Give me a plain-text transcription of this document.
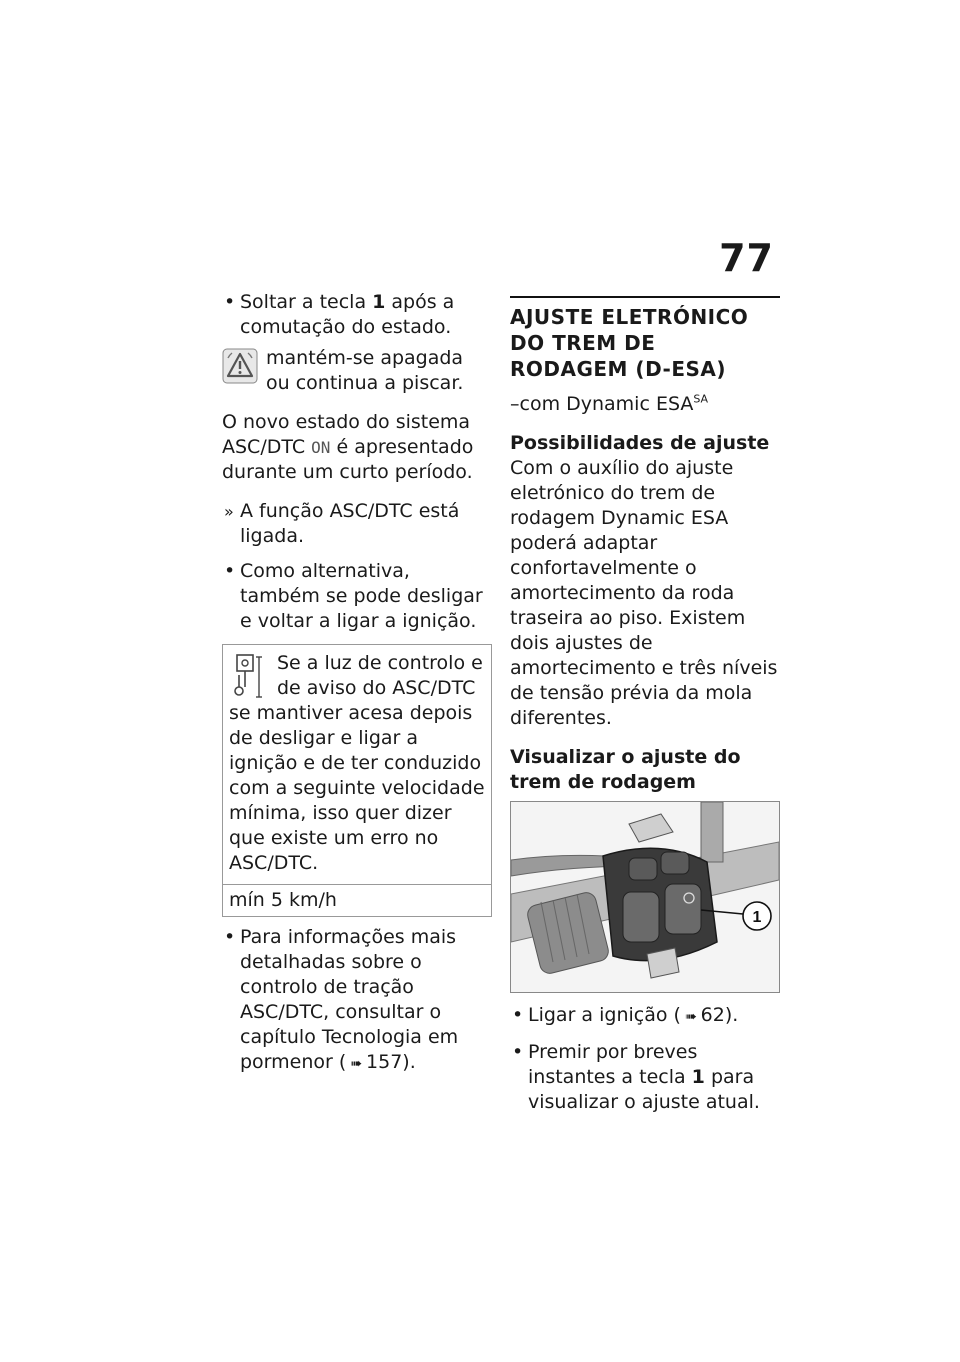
77
• Soltar a tecla 1 após a comutação do estado.
mantém-se apagada ou continua a piscar.
O novo estado do sistema ASC/DTC ON é apresentado durante um curto período.
» A função ASC/DTC está ligada.
• Como alternativa, também se pode desligar e voltar a ligar a ignição.
Se a luz de controlo e de aviso do ASC/DTC se mantiver acesa depois de desligar e ligar a ignição e de ter conduzido com a seguinte velocidade mínima, isso quer dizer que existe um erro no ASC/DTC.
mín 5 km/h
• Para informações mais detalhadas sobre o controlo de tração ASC/DTC, consultar o capítulo Tecnologia em pormenor ( ➠ 157).
AJUSTE ELETRÓNICO DO TREM DE RODAGEM (D-ESA)
–com Dynamic $ESA^{SA}$
Possibilidades de ajuste
Com o auxílio do ajuste eletrónico do trem de rodagem Dynamic ESA poderá adaptar confortavelmente o amortecimento da roda traseira ao piso. Existem dois ajustes de amortecimento e três níveis de tensão prévia da mola diferentes.
Visualizar o ajuste do trem de rodagem
1
• Ligar a ignição ( ➠ 62).
• Premir por breves instantes a tecla 1 para visualizar o ajuste atual.
